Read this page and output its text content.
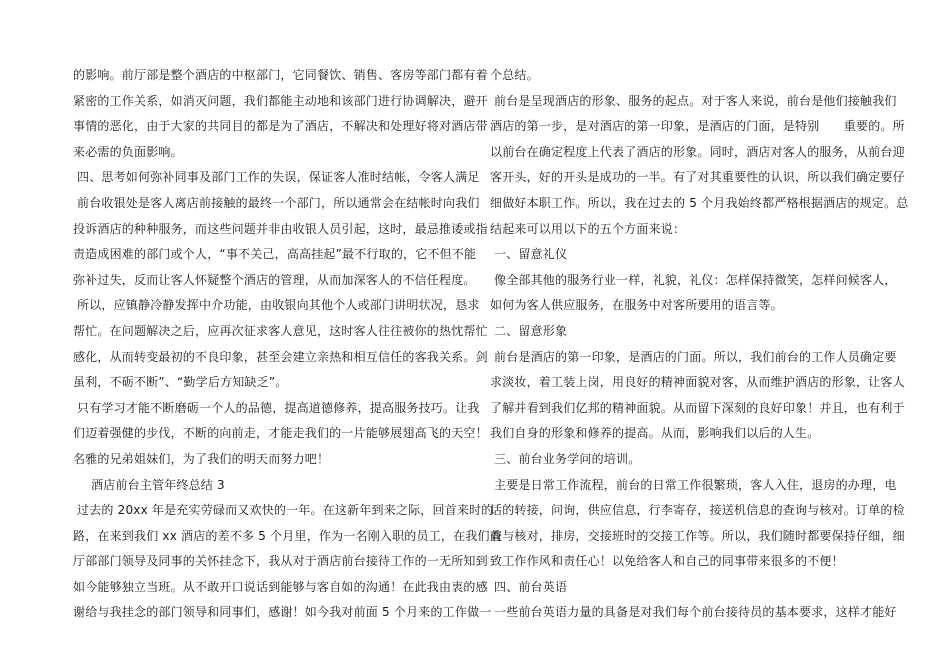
的影响。前厅部是整个酒店的中枢部门，它同餐饮、销售、客房等部门都有着
紧密的工作关系，如消灭问题，我们都能主动地和该部门进行协调解决，避开
事情的恶化，由于大家的共同目的都是为了酒店，不解决和处理好将对酒店带
来必需的负面影响。
四、思考如何弥补同事及部门工作的失误，保证客人准时结帐，令客人满足
前台收银处是客人离店前接触的最终一个部门，所以通常会在结帐时向我们
投诉酒店的种种服务，而这些问题并非由收银人员引起，这时，最忌推诿或指
责造成困难的部门或个人，“事不关己，高高挂起”最不行取的，它不但不能
弥补过失，反而让客人怀疑整个酒店的管理，从而加深客人的不信任程度。
所以，应镇静冷静发挥中介功能，由收银向其他个人或部门讲明状况，恳求
帮忙。在问题解决之后，应再次征求客人意见，这时客人往往被你的热忱帮忙
感化，从而转变最初的不良印象，甚至会建立亲热和相互信任的客我关系。剑
虽利，不砺不断”、“勤学后方知缺乏”。
只有学习才能不断磨砺一个人的品德，提高道德修养，提高服务技巧。让我
们迈着强健的步伐，不断的向前走，才能走我们的一片能够展翅高飞的天空！
名雅的兄弟姐妹们，为了我们的明天而努力吧！
酒店前台主管年终总结 3
过去的 20xx 年是充实劳碌而又欢快的一年。在这新年到来之际，回首来时的
路，在来到我们 xx 酒店的差不多 5 个月里，作为一名刚入职的员工，在我们前
厅部部门领导及同事的关怀挂念下，我从对于酒店前台接待工作的一无所知到
如今能够独立当班。从不敢开口说话到能够与客自如的沟通！在此我由衷的感
谢给与我挂念的部门领导和同事们，感谢！如今我对前面 5 个月来的工作做一
个总结。
前台是呈现酒店的形象、服务的起点。对于客人来说，前台是他们接触我们
酒店的第一步，是对酒店的第一印象，是酒店的门面，是特别　　重要的。所
以前台在确定程度上代表了酒店的形象。同时，酒店对客人的服务，从前台迎
客开头，好的开头是成功的一半。有了对其重要性的认识，所以我们确定要仔
细做好本职工作。所以，我在过去的 5 个月我始终都严格根据酒店的规定。总
结起来可以用以下的五个方面来说：
一、留意礼仪
像全部其他的服务行业一样，礼貌，礼仪：怎样保持微笑，怎样问候客人，
如何为客人供应服务，在服务中对客所要用的语言等。
二、留意形象
前台是酒店的第一印象，是酒店的门面。所以，我们前台的工作人员确定要
求淡妆，着工装上岗，用良好的精神面貌对客，从而维护酒店的形象，让客人
了解并看到我们亿邦的精神面貌。从而留下深刻的良好印象！并且，也有利于
我们自身的形象和修养的提高。从而，影响我们以后的人生。
三、前台业务学问的培训。
主要是日常工作流程，前台的日常工作很繁琐，客人入住，退房的办理，电
话的转接，问询，供应信息，行李寄存，接送机信息的查询与核对。订单的检
查与核对，排房，交接班时的交接工作等。所以，我们随时都要保持仔细，细
致工作作风和责任心！以免给客人和自己的同事带来很多的不便！
四、前台英语
一些前台英语力量的具备是对我们每个前台接待员的基本要求，这样才能好
